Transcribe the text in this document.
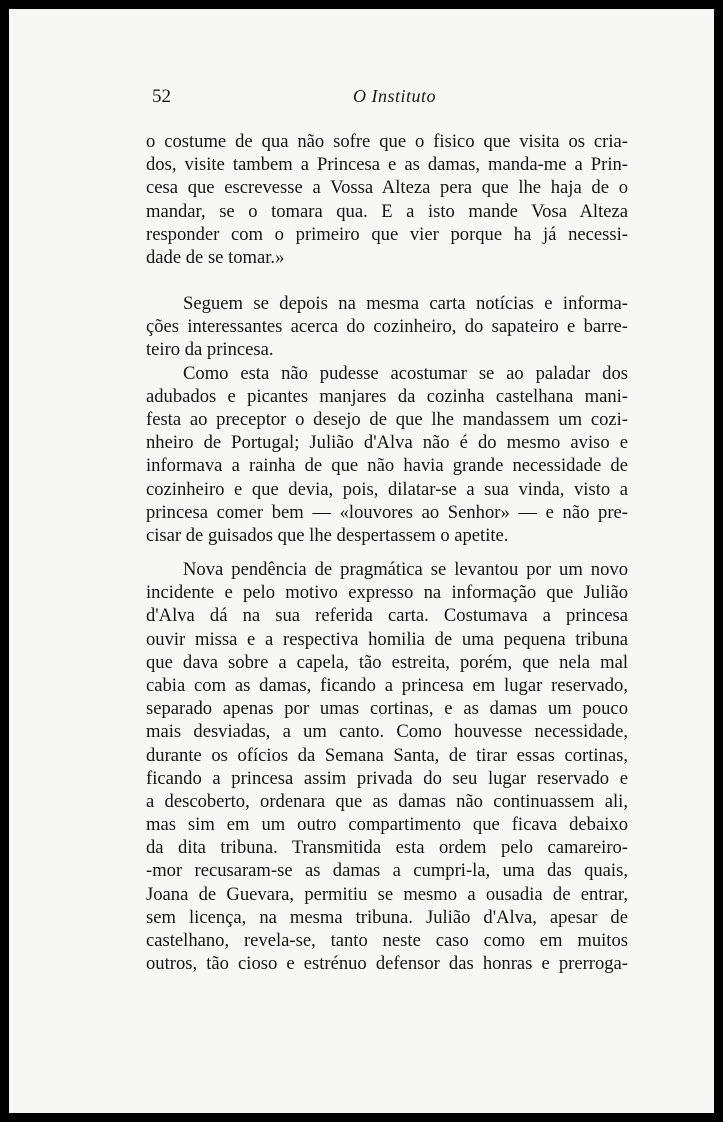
52	O Instituto
o costume de qua não sofre que o fisico que visita os cria-
dos, visite tambem a Princesa e as damas, manda-me a Prin-
cesa que escrevesse a Vossa Alteza pera que lhe haja de o
mandar, se o tomara qua. E a isto mande Vosa Alteza
responder com o primeiro que vier porque ha já necessi-
dade de se tomar.»
Seguem se depois na mesma carta notícias e informa-
ções interessantes acerca do cozinheiro, do sapateiro e barre-
teiro da princesa.
Como esta não pudesse acostumar se ao paladar dos
adubados e picantes manjares da cozinha castelhana mani-
festa ao preceptor o desejo de que lhe mandassem um cozi-
nheiro de Portugal; Julião d'Alva não é do mesmo aviso e
informava a rainha de que não havia grande necessidade de
cozinheiro e que devia, pois, dilatar-se a sua vinda, visto a
princesa comer bem — «louvores ao Senhor» — e não pre-
cisar de guisados que lhe despertassem o apetite.
Nova pendência de pragmática se levantou por um novo
incidente e pelo motivo expresso na informação que Julião
d'Alva dá na sua referida carta. Costumava a princesa
ouvir missa e a respectiva homilia de uma pequena tribuna
que dava sobre a capela, tão estreita, porém, que nela mal
cabia com as damas, ficando a princesa em lugar reservado,
separado apenas por umas cortinas, e as damas um pouco
mais desviadas, a um canto. Como houvesse necessidade,
durante os ofícios da Semana Santa, de tirar essas cortinas,
ficando a princesa assim privada do seu lugar reservado e
a descoberto, ordenara que as damas não continuassem ali,
mas sim em um outro compartimento que ficava debaixo
da dita tribuna. Transmitida esta ordem pelo camareiro-
-mor recusaram-se as damas a cumpri-la, uma das quais,
Joana de Guevara, permitiu se mesmo a ousadia de entrar,
sem licença, na mesma tribuna. Julião d'Alva, apesar de
castelhano, revela-se, tanto neste caso como em muitos
outros, tão cioso e estrénuo defensor das honras e prerroga-
